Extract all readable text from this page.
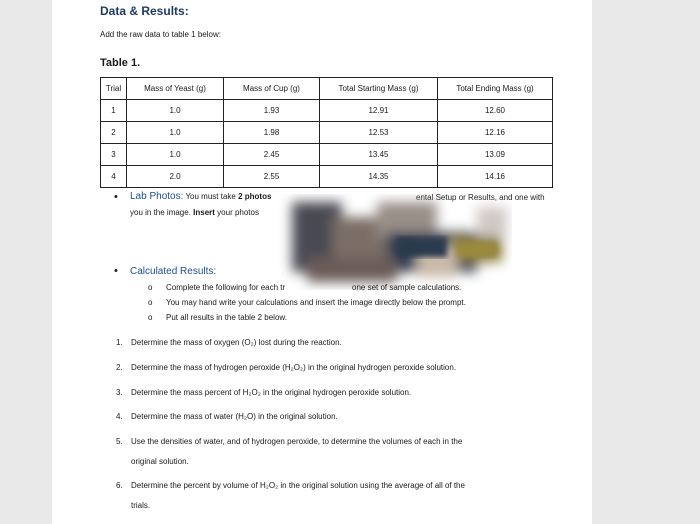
Data & Results:
Add the raw data to table 1 below:
Table 1.
Trial	Mass of Yeast (g)	Mass of Cup (g)	Total Starting Mass (g)	Total Ending Mass (g)
1	1.0	1.93	12.91	12.60
2	1.0	1.98	12.53	12.16
3	1.0	2.45	13.45	13.09
4	2.0	2.55	14.35	14.16
• Lab Photos: You must take 2 photos	ental Setup or Results, and one with
you in the image. Insert your photos
• Calculated Results:
o Complete the following for each tr	one set of sample calculations.
o You may hand write your calculations and insert the image directly below the prompt.
o Put all results in the table 2 below.
1. Determine the mass of oxygen (O₂) lost during the reaction.
2. Determine the mass of hydrogen peroxide (H₂O₂) in the original hydrogen peroxide solution.
3. Determine the mass percent of H₂O₂ in the original hydrogen peroxide solution.
4. Determine the mass of water (H₂O) in the original solution.
5. Use the densities of water, and of hydrogen peroxide, to determine the volumes of each in the
original solution.
6. Determine the percent by volume of H₂O₂ in the original solution using the average of all of the
trials.
